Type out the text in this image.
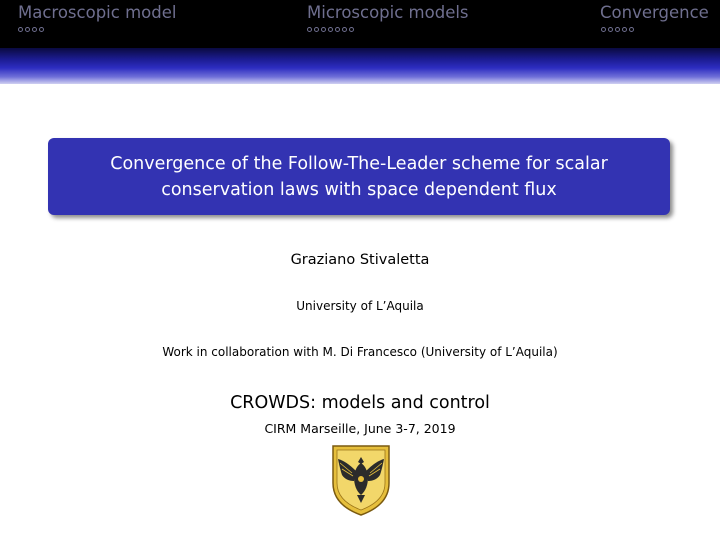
Macroscopic model	Microscopic models	Convergence
Convergence of the Follow-The-Leader scheme for scalar
conservation laws with space dependent flux
Graziano Stivaletta
University of L’Aquila
Work in collaboration with M. Di Francesco (University of L’Aquila)
CROWDS: models and control
CIRM Marseille, June 3-7, 2019
